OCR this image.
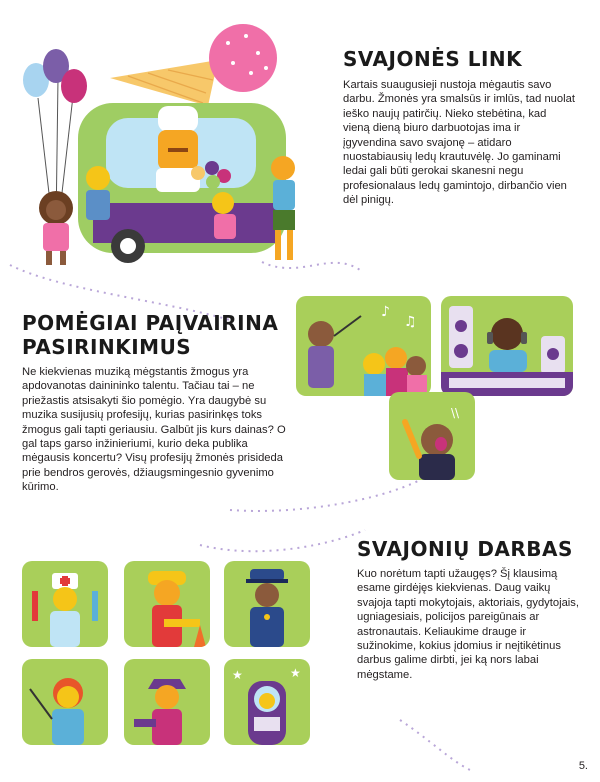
SVAJONĖS LINK

Kartais suaugusieji nustoja mėgautis savo darbu. Žmonės yra smalsūs ir imlūs, tad nuolat ieško naujų patirčių. Nieko stebėtina, kad vieną dieną biuro darbuotojas ima ir įgyvendina savo svajonę – atidaro nuostabiausių ledų krautuvėlę. Jo gaminami ledai gali būti gerokai skanesni negu profesionalaus ledų gamintojo, dirbančio vien dėl pinigų.

POMĖGIAI PAĮVAIRINA
PASIRINKIMUS

Ne kiekvienas muziką mėgstantis žmogus yra apdovanotas dainininko talentu. Tačiau tai – ne priežastis atsisakyti šio pomėgio. Yra daugybė su muzika susijusių profesijų, kurias pasirinkęs toks žmogus gali tapti geriausiu. Galbūt jis kurs dainas? O gal taps garso inžinieriumi, kurio deka publika mėgausis koncertu? Visų profesijų žmonės prisideda prie bendros gerovės, džiaugsmingesnio gyvenimo kūrimo.

♪
♫
\\
SVAJONIŲ DARBAS

Kuo norėtum tapti užaugęs? Šį klausimą esame girdėjęs kiekvienas. Daug vaikų svajoja tapti mokytojais, aktoriais, gydytojais, ugniagesiais, policijos pareigūnais ar astronautais. Keliaukime drauge ir sužinokime, kokius įdomius ir neįtikėtinus darbus galime dirbti, jei ką nors labai mėgstame.

★	★
5.
